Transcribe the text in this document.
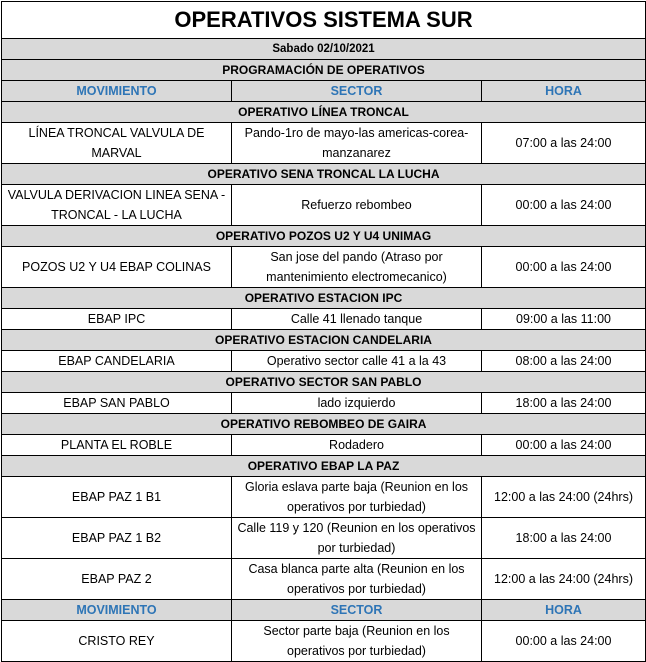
OPERATIVOS SISTEMA SUR		
Sabado 02/10/2021		
PROGRAMACIÓN DE OPERATIVOS		
MOVIMIENTO	SECTOR	HORA
OPERATIVO LÍNEA TRONCAL		
LÍNEA TRONCAL VALVULA DE MARVAL	Pando-1ro de mayo-las americas-corea-manzanarez	07:00 a las 24:00
OPERATIVO SENA TRONCAL LA LUCHA		
VALVULA DERIVACION LINEA SENA - TRONCAL - LA LUCHA	Refuerzo rebombeo	00:00 a las 24:00
OPERATIVO POZOS U2 Y U4 UNIMAG		
POZOS U2 Y U4 EBAP COLINAS	San jose del pando (Atraso por mantenimiento electromecanico)	00:00 a las 24:00
OPERATIVO ESTACION IPC		
EBAP IPC	Calle 41 llenado tanque	09:00 a las 11:00
OPERATIVO ESTACION CANDELARIA		
EBAP CANDELARIA	Operativo sector calle 41 a la 43	08:00 a las 24:00
OPERATIVO SECTOR SAN PABLO		
EBAP SAN PABLO	lado izquierdo	18:00 a las 24:00
OPERATIVO REBOMBEO DE GAIRA		
PLANTA EL ROBLE	Rodadero	00:00 a las 24:00
OPERATIVO EBAP LA PAZ		
EBAP PAZ 1 B1	Gloria eslava parte baja (Reunion en los operativos por turbiedad)	12:00 a las 24:00 (24hrs)
EBAP PAZ 1 B2	Calle 119 y 120 (Reunion en los operativos por turbiedad)	18:00 a las 24:00
EBAP PAZ 2	Casa blanca parte alta (Reunion en los operativos por turbiedad)	12:00 a las 24:00 (24hrs)
MOVIMIENTO	SECTOR	HORA
CRISTO REY	Sector parte baja (Reunion en los operativos por turbiedad)	00:00 a las 24:00
